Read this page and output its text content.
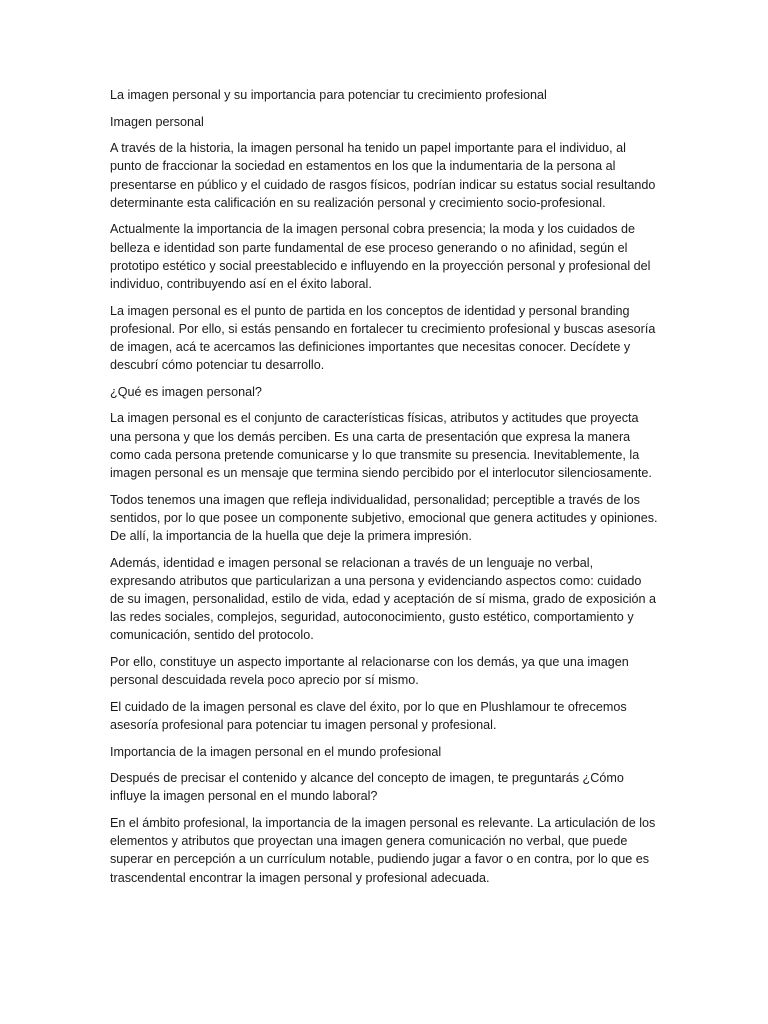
La imagen personal y su importancia para potenciar tu crecimiento profesional

Imagen personal

A través de la historia, la imagen personal ha tenido un papel importante para el individuo, al punto de fraccionar la sociedad en estamentos en los que la indumentaria de la persona al presentarse en público y el cuidado de rasgos físicos, podrían indicar su estatus social resultando determinante esta calificación en su realización personal y crecimiento socio-profesional.

Actualmente la importancia de la imagen personal cobra presencia; la moda y los cuidados de belleza e identidad son parte fundamental de ese proceso generando o no afinidad, según el prototipo estético y social preestablecido e influyendo en la proyección personal y profesional del individuo, contribuyendo así en el éxito laboral.

La imagen personal es el punto de partida en los conceptos de identidad y personal branding profesional. Por ello, si estás pensando en fortalecer tu crecimiento profesional y buscas asesoría de imagen, acá te acercamos las definiciones importantes que necesitas conocer. Decídete y descubrí cómo potenciar tu desarrollo.

¿Qué es imagen personal?

La imagen personal es el conjunto de características físicas, atributos y actitudes que proyecta una persona y que los demás perciben. Es una carta de presentación que expresa la manera como cada persona pretende comunicarse y lo que transmite su presencia. Inevitablemente, la imagen personal es un mensaje que termina siendo percibido por el interlocutor silenciosamente.

Todos tenemos una imagen que refleja individualidad, personalidad; perceptible a través de los sentidos, por lo que posee un componente subjetivo, emocional que genera actitudes y opiniones. De allí, la importancia de la huella que deje la primera impresión.

Además, identidad e imagen personal se relacionan a través de un lenguaje no verbal, expresando atributos que particularizan a una persona y evidenciando aspectos como: cuidado de su imagen, personalidad, estilo de vida, edad y aceptación de sí misma, grado de exposición a las redes sociales, complejos, seguridad, autoconocimiento, gusto estético, comportamiento y comunicación, sentido del protocolo.

Por ello, constituye un aspecto importante al relacionarse con los demás, ya que una imagen personal descuidada revela poco aprecio por sí mismo.

El cuidado de la imagen personal es clave del éxito, por lo que en Plushlamour te ofrecemos asesoría profesional para potenciar tu imagen personal y profesional.

Importancia de la imagen personal en el mundo profesional

Después de precisar el contenido y alcance del concepto de imagen, te preguntarás ¿Cómo influye la imagen personal en el mundo laboral?

En el ámbito profesional, la importancia de la imagen personal es relevante. La articulación de los elementos y atributos que proyectan una imagen genera comunicación no verbal, que puede superar en percepción a un currículum notable, pudiendo jugar a favor o en contra, por lo que es trascendental encontrar la imagen personal y profesional adecuada.
